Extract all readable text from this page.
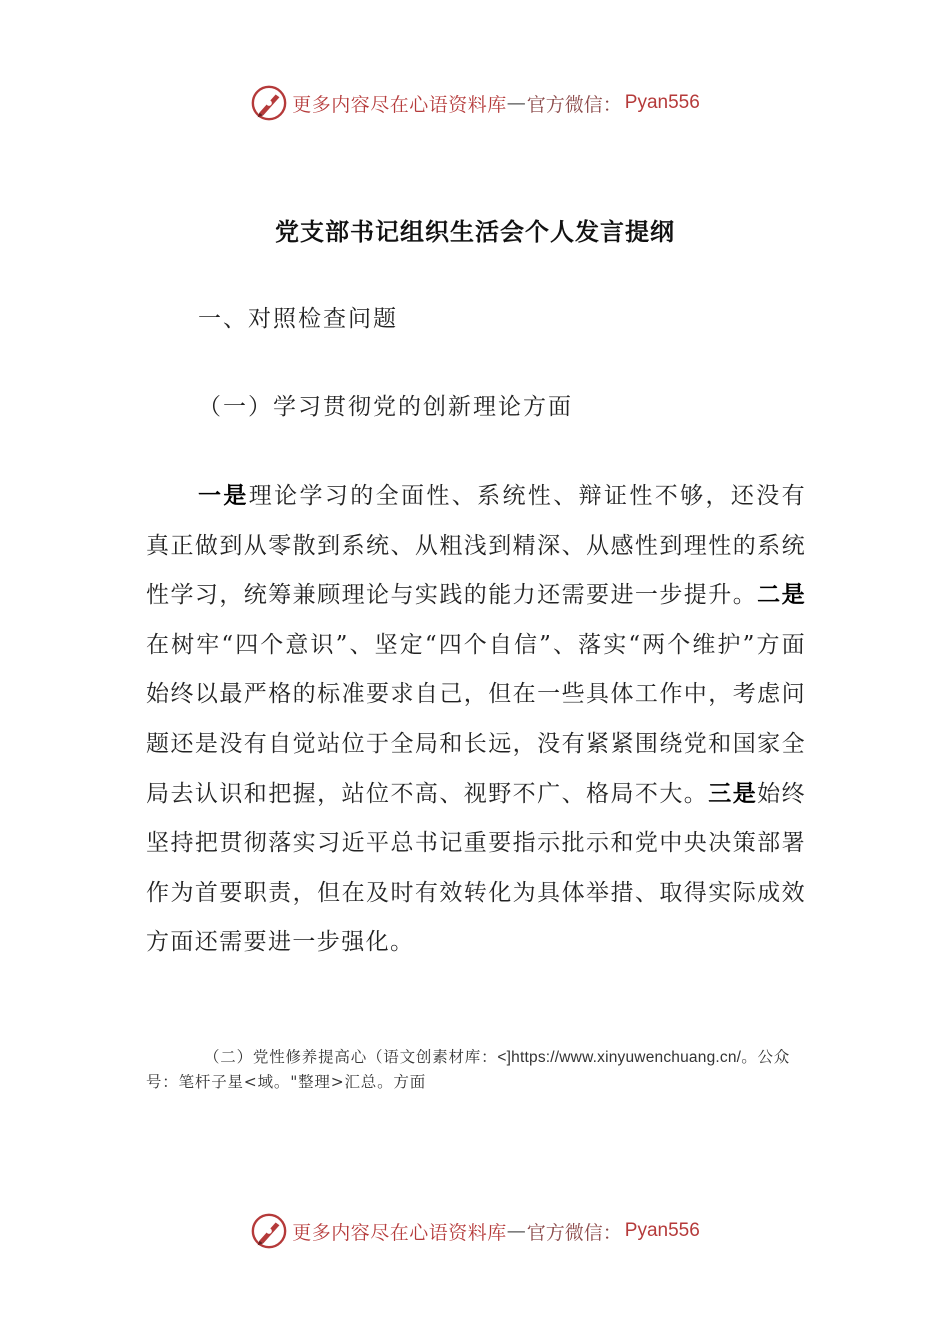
更多内容尽在心语资料库 — 官方微信 ： Pyan556
党支部书记组织生活会个人发言提纲
一、对照检查问题
（一）学习贯彻党的创新理论方面
一是理论学习的全面性、系统性、辩证性不够，还没有真正做到从零散到系统、从粗浅到精深、从感性到理性的系统性学习，统筹兼顾理论与实践的能力还需要进一步提升。二是在树牢“四个意识”、坚定“四个自信”、落实“两个维护”方面始终以最严格的标准要求自己，但在一些具体工作中，考虑问题还是没有自觉站位于全局和长远，没有紧紧围绕党和国家全局去认识和把握，站位不高、视野不广、格局不大。三是始终坚持把贯彻落实习近平总书记重要指示批示和党中央决策部署作为首要职责，但在及时有效转化为具体举措、取得实际成效方面还需要进一步强化。
（二）党性修养提高心（语文创素材库：<]https://www.xinyuwenchuang.cn/。公众号：笔杆子星<域。"整理>汇总。方面
更多内容尽在心语资料库 — 官方微信 ： Pyan556
